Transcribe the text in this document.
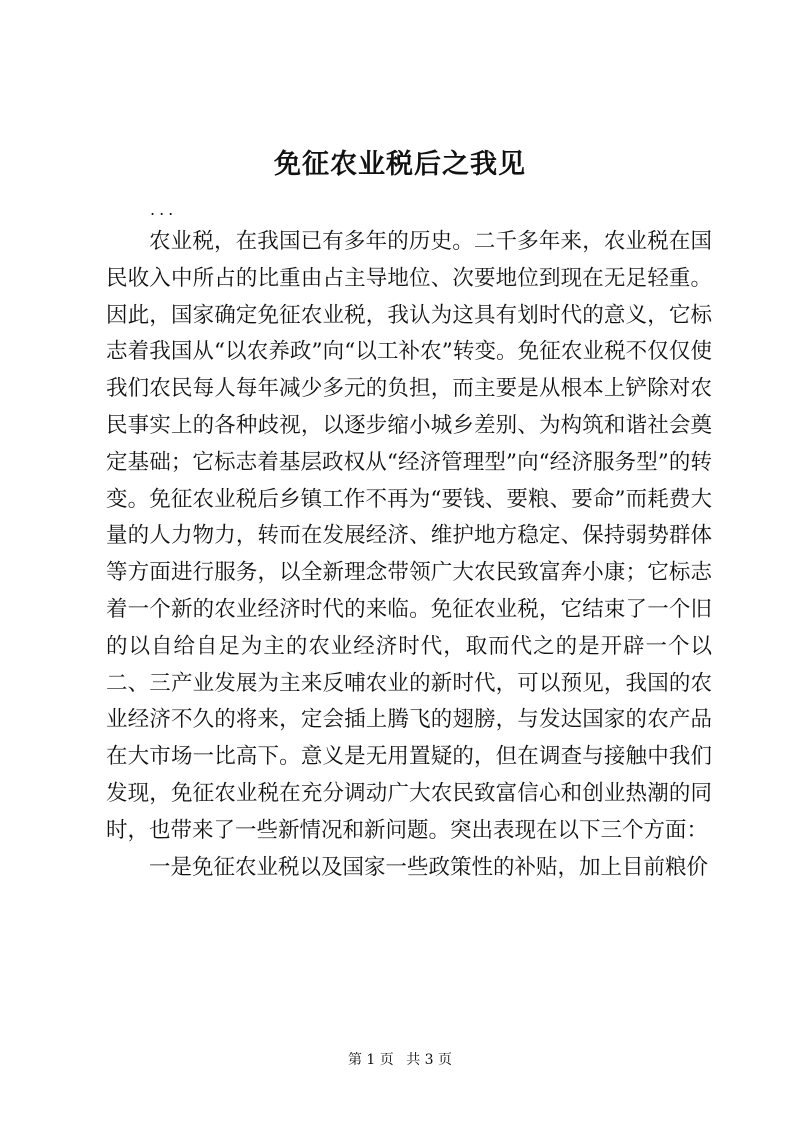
免征农业税后之我见
...

农业税，在我国已有多年的历史。二千多年来，农业税在国民收入中所占的比重由占主导地位、次要地位到现在无足轻重。因此，国家确定免征农业税，我认为这具有划时代的意义，它标志着我国从“以农养政”向“以工补农”转变。免征农业税不仅仅使我们农民每人每年减少多元的负担，而主要是从根本上铲除对农民事实上的各种歧视，以逐步缩小城乡差别、为构筑和谐社会奠定基础；它标志着基层政权从“经济管理型”向“经济服务型”的转变。免征农业税后乡镇工作不再为“要钱、要粮、要命”而耗费大量的人力物力，转而在发展经济、维护地方稳定、保持弱势群体等方面进行服务，以全新理念带领广大农民致富奔小康；它标志着一个新的农业经济时代的来临。免征农业税，它结束了一个旧的以自给自足为主的农业经济时代，取而代之的是开辟一个以二、三产业发展为主来反哺农业的新时代，可以预见，我国的农业经济不久的将来，定会插上腾飞的翅膀，与发达国家的农产品在大市场一比高下。意义是无用置疑的，但在调查与接触中我们发现，免征农业税在充分调动广大农民致富信心和创业热潮的同时，也带来了一些新情况和新问题。突出表现在以下三个方面：

一是免征农业税以及国家一些政策性的补贴，加上目前粮价

第 1 页 共 3 页
